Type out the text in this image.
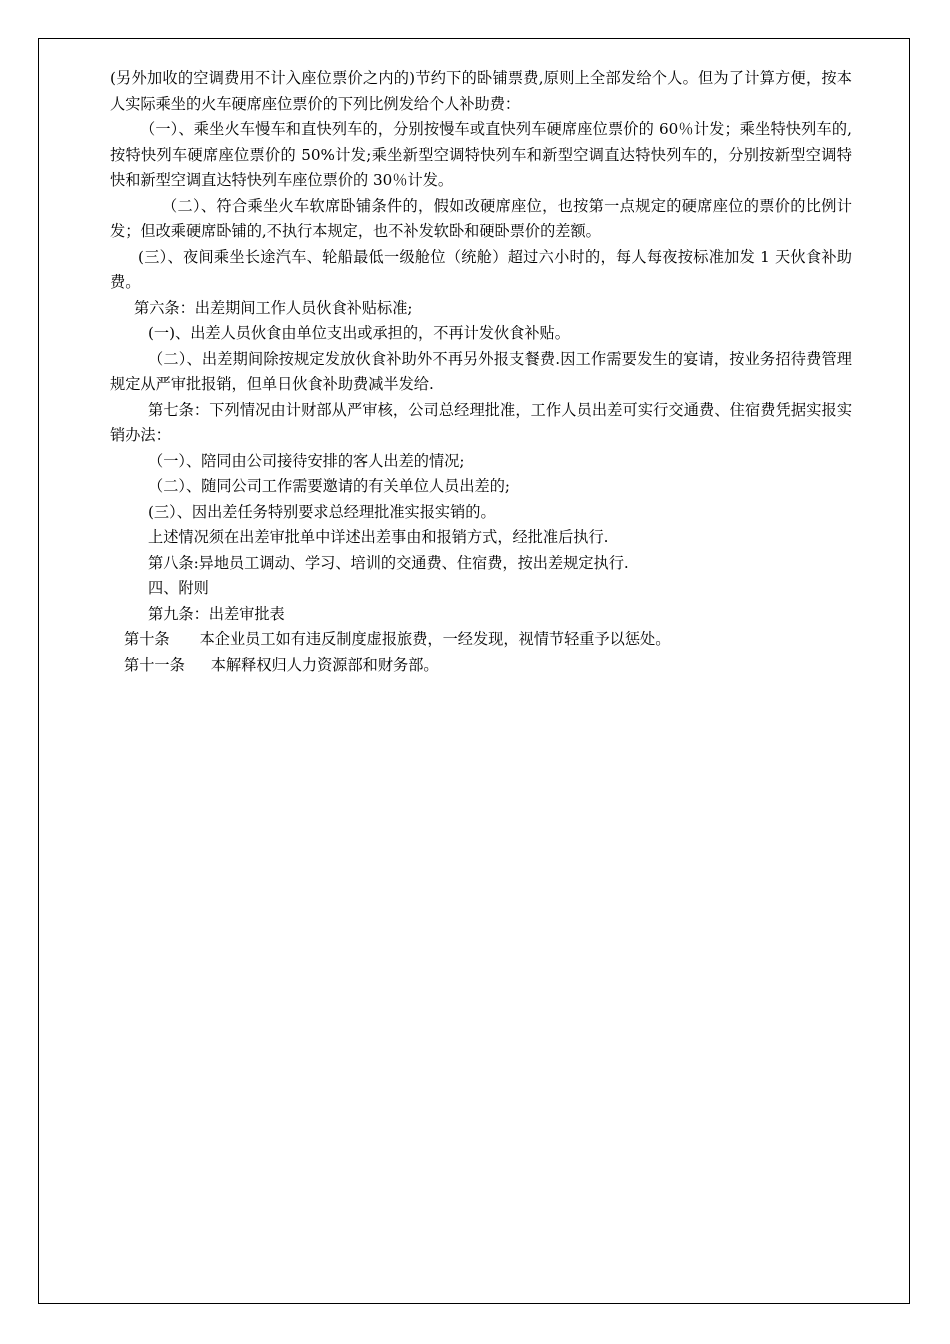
(另外加收的空调费用不计入座位票价之内的)节约下的卧铺票费,原则上全部发给个人。但为了计算方便，按本人实际乘坐的火车硬席座位票价的下列比例发给个人补助费：

（一）、乘坐火车慢车和直快列车的，分别按慢车或直快列车硬席座位票价的 60％计发；乘坐特快列车的,按特快列车硬席座位票价的 50%计发;乘坐新型空调特快列车和新型空调直达特快列车的，分别按新型空调特快和新型空调直达特快列车座位票价的 30％计发。

（二）、符合乘坐火车软席卧铺条件的，假如改硬席座位，也按第一点规定的硬席座位的票价的比例计发；但改乘硬席卧铺的,不执行本规定，也不补发软卧和硬卧票价的差额。

(三）、夜间乘坐长途汽车、轮船最低一级舱位（统舱）超过六小时的，每人每夜按标准加发 1 天伙食补助费。

第六条：出差期间工作人员伙食补贴标准;

(一)、出差人员伙食由单位支出或承担的，不再计发伙食补贴。

（二）、出差期间除按规定发放伙食补助外不再另外报支餐费.因工作需要发生的宴请，按业务招待费管理规定从严审批报销，但单日伙食补助费减半发给.

第七条：下列情况由计财部从严审核，公司总经理批准，工作人员出差可实行交通费、住宿费凭据实报实销办法：

（一）、陪同由公司接待安排的客人出差的情况;

（二）、随同公司工作需要邀请的有关单位人员出差的;

(三）、因出差任务特别要求总经理批准实报实销的。

上述情况须在出差审批单中详述出差事由和报销方式，经批准后执行.

第八条:异地员工调动、学习、培训的交通费、住宿费，按出差规定执行.

四、附则

第九条：出差审批表

第十条 本企业员工如有违反制度虚报旅费，一经发现，视情节轻重予以惩处。

第十一条 本解释权归人力资源部和财务部。
